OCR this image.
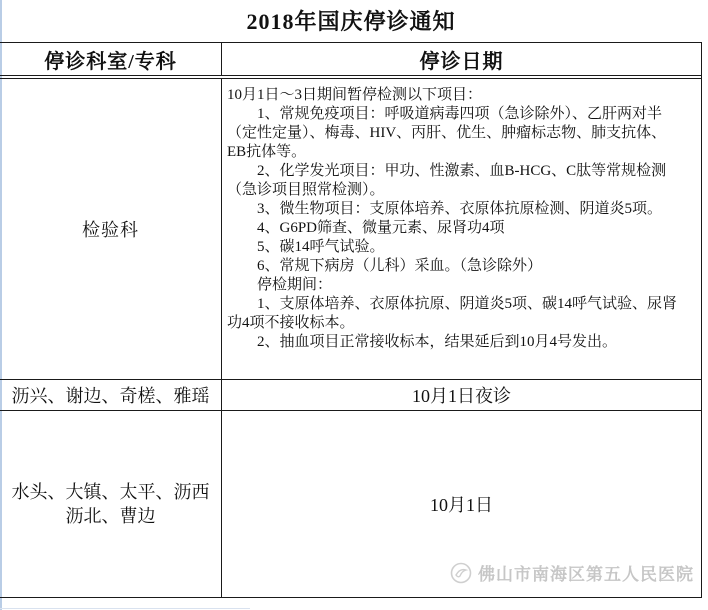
2018年国庆停诊通知
停诊科室/专科	停诊日期
检验科
10月1日～3日期间暂停检测以下项目：
　　1、常规免疫项目：呼吸道病毒四项（急诊除外）、乙肝两对半
（定性定量）、梅毒、HIV、丙肝、优生、肿瘤标志物、肺支抗体、
EB抗体等。
　　2、化学发光项目：甲功、性激素、血B-HCG、C肽等常规检测
（急诊项目照常检测）。
　　3、微生物项目：支原体培养、衣原体抗原检测、阴道炎5项。
　　4、G6PD筛查、微量元素、尿肾功4项
　　5、碳14呼气试验。
　　6、常规下病房（儿科）采血。（急诊除外）
　　停检期间：
　　1、支原体培养、衣原体抗原、阴道炎5项、碳14呼气试验、尿肾
功4项不接收标本。
　　2、抽血项目正常接收标本，结果延后到10月4号发出。
沥兴、谢边、奇槎、雅瑶	10月1日夜诊
水头、大镇、太平、沥西
沥北、曹边
10月1日
佛山市南海区第五人民医院
